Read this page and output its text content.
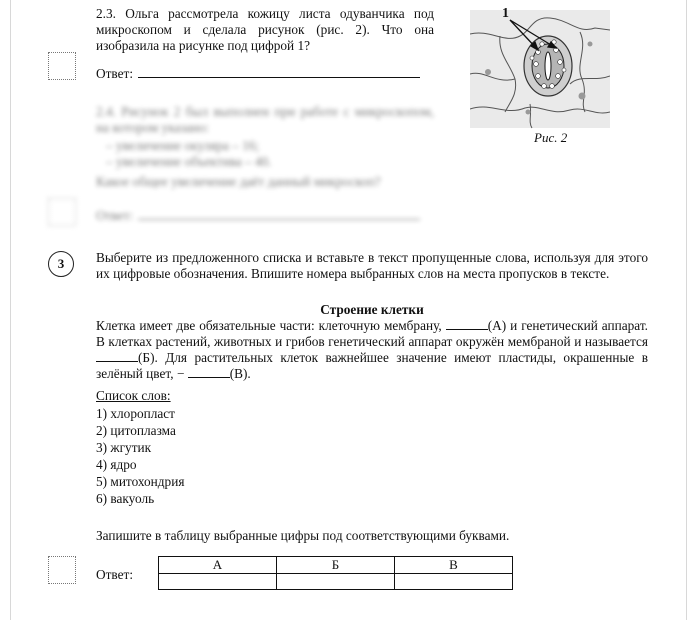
2.3. Ольга рассмотрела кожицу листа одуванчика под микроскопом и сделала рисунок (рис. 2). Что она изобразила на рисунке под цифрой 1?
Ответ:
1
Рис. 2
2.4. Рисунок 2 был выполнен при работе с микроскопом, на котором указано:
– увеличение окуляра – 16;
– увеличение объектива – 40.
Какое общее увеличение даёт данный микроскоп?
Ответ:
3	Выберите из предложенного списка и вставьте в текст пропущенные слова, используя для этого их цифровые обозначения. Впишите номера выбранных слов на места пропусков в тексте.
Строение клетки
Клетка имеет две обязательные части: клеточную мембрану,	(А) и генетический аппарат. В клетках растений, животных и грибов генетический аппарат окружён мембраной и называется (Б). Для растительных клеток важнейшее значение имеют пластиды, окрашенные в зелёный цвет, −	(В).
Список слов:
1) хлоропласт
2) цитоплазма
3) жгутик
4) ядро
5) митохондрия
6) вакуоль
Запишите в таблицу выбранные цифры под соответствующими буквами.
Ответ:
А	Б	В
